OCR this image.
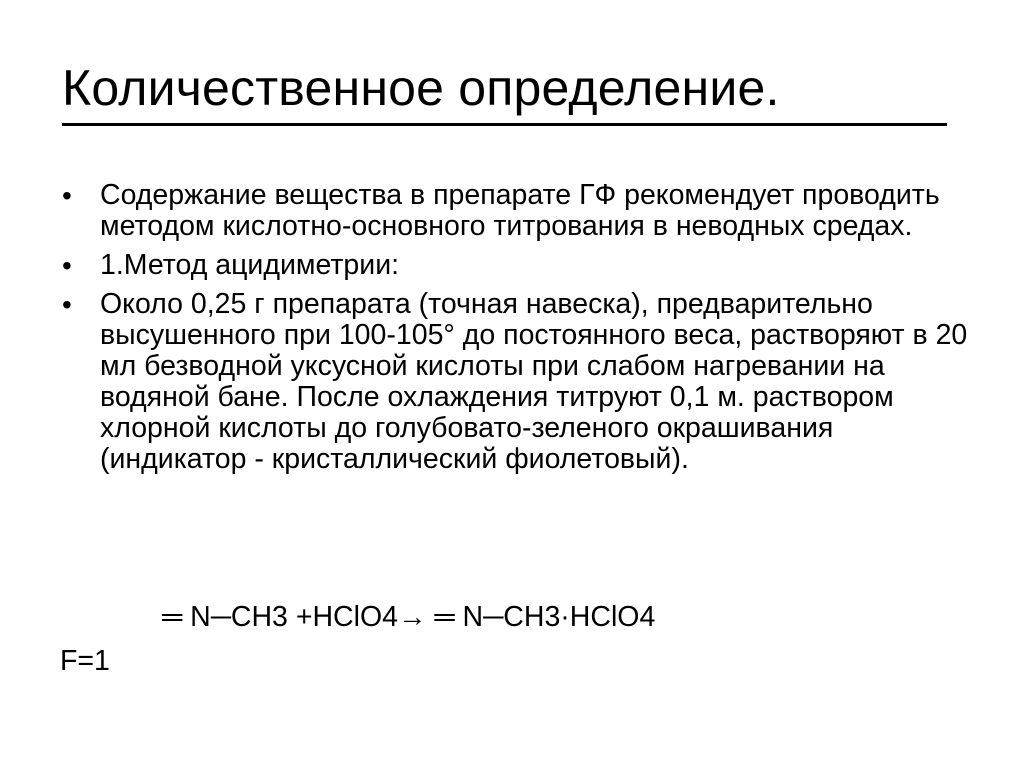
Количественное определение.
• Содержание вещества в препарате ГФ рекомендует проводить методом кислотно-основного титрования в неводных средах.
• 1.Метод ацидиметрии:
• Около 0,25 г препарата (точная навеска), предварительно высушенного при 100-105° до постоянного веса, растворяют в 20 мл безводной уксусной кислоты при слабом нагревании на водяной бане. После охлаждения титруют 0,1 м. раствором хлорной кислоты до голубовато-зеленого окрашивания (индикатор - кристаллический фиолетовый).
═ N─CH3 +HClO4→ ═ N─CH3·HClO4
F=1
